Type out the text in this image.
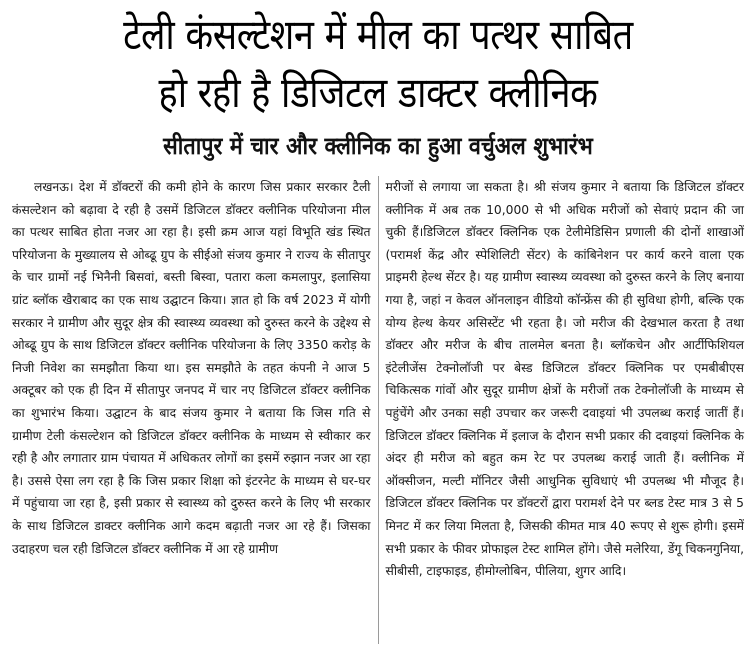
टेली कंसल्टेशन में मील का पत्थर साबित
हो रही है डिजिटल डाक्टर क्लीनिक
सीतापुर में चार और क्लीनिक का हुआ वर्चुअल शुभारंभ

लखनऊ। देश में डॉक्टरों की कमी होने के कारण जिस प्रकार सरकार टैली कंसल्टेशन को बढ़ावा दे रही है उसमें डिजिटल डॉक्टर क्लीनिक परियोजना मील का पत्थर साबित होता नजर आ रहा है। इसी क्रम आज यहां विभूति खंड स्थित परियोजना के मुख्यालय से ओब्ढू ग्रुप के सीईओ संजय कुमार ने राज्य के सीतापुर के चार ग्रामों नई भिनैनी बिसवां, बस्ती बिस्वा, पतारा कला कमलापुर, इलासिया ग्रांट ब्लॉक खैराबाद का एक साथ उद्घाटन किया। ज्ञात हो कि वर्ष 2023 में योगी सरकार ने ग्रामीण और सुदूर क्षेत्र की स्वास्थ्य व्यवस्था को दुरुस्त करने के उद्देश्य से ओब्ढू ग्रुप के साथ डिजिटल डॉक्टर क्लीनिक परियोजना के लिए 3350 करोड़ के निजी निवेश का समझौता किया था। इस समझौते के तहत कंपनी ने आज 5 अक्टूबर को एक ही दिन में सीतापुर जनपद में चार नए डिजिटल डॉक्टर क्लीनिक का शुभारंभ किया। उद्घाटन के बाद संजय कुमार ने बताया कि जिस गति से ग्रामीण टेली कंसल्टेशन को डिजिटल डॉक्टर क्लीनिक के माध्यम से स्वीकार कर रही है और लगातार ग्राम पंचायत में अधिकतर लोगों का इसमें रुझान नजर आ रहा है। उससे ऐसा लग रहा है कि जिस प्रकार शिक्षा को इंटरनेट के माध्यम से घर-घर में पहुंचाया जा रहा है, इसी प्रकार से स्वास्थ्य को दुरुस्त करने के लिए भी सरकार के साथ डिजिटल डाक्टर क्लीनिक आगे कदम बढ़ाती नजर आ रहे हैं। जिसका उदाहरण चल रही डिजिटल डॉक्टर क्लीनिक में आ रहे ग्रामीण

मरीजों से लगाया जा सकता है। श्री संजय कुमार ने बताया कि डिजिटल डॉक्टर क्लीनिक में अब तक 10,000 से भी अधिक मरीजों को सेवाएं प्रदान की जा चुकी हैं।डिजिटल डॉक्टर क्लिनिक एक टेलीमेडिसिन प्रणाली की दोनों शाखाओं (परामर्श केंद्र और स्पेशिलिटी सेंटर) के कांबिनेशन पर कार्य करने वाला एक प्राइमरी हेल्थ सेंटर है। यह ग्रामीण स्वास्थ्य व्यवस्था को दुरुस्त करने के लिए बनाया गया है, जहां न केवल ऑनलाइन वीडियो कॉन्फ्रेंस की ही सुविधा होगी, बल्कि एक योग्य हेल्थ केयर असिस्टेंट भी रहता है। जो मरीज की देखभाल करता है तथा डॉक्टर और मरीज के बीच तालमेल बनता है। ब्लॉकचेन और आर्टीफिशियल इंटेलीजेंस टेक्नोलॉजी पर बेस्ड डिजिटल डॉक्टर क्लिनिक पर एमबीबीएस चिकित्सक गांवों और सुदूर ग्रामीण क्षेत्रों के मरीजों तक टेक्नोलॉजी के माध्यम से पहुंचेंगे और उनका सही उपचार कर जरूरी दवाइयां भी उपलब्ध कराई जातीं हैं। डिजिटल डॉक्टर क्लिनिक में इलाज के दौरान सभी प्रकार की दवाइयां क्लिनिक के अंदर ही मरीज को बहुत कम रेट पर उपलब्ध कराई जाती हैं। क्लीनिक में ऑक्सीजन, मल्टी मॉनिटर जैसी आधुनिक सुविधाएं भी उपलब्ध भी मौजूद है। डिजिटल डॉक्टर क्लिनिक पर डॉक्टरों द्वारा परामर्श देने पर ब्लड टेस्ट मात्र 3 से 5 मिनट में कर लिया मिलता है, जिसकी कीमत मात्र 40 रूपए से शुरू होगी। इसमें सभी प्रकार के फीवर प्रोफाइल टेस्ट शामिल होंगे। जैसे मलेरिया, डेंगू चिकनगुनिया, सीबीसी, टाइफाइड, हीमोग्लोबिन, पीलिया, शुगर आदि।
